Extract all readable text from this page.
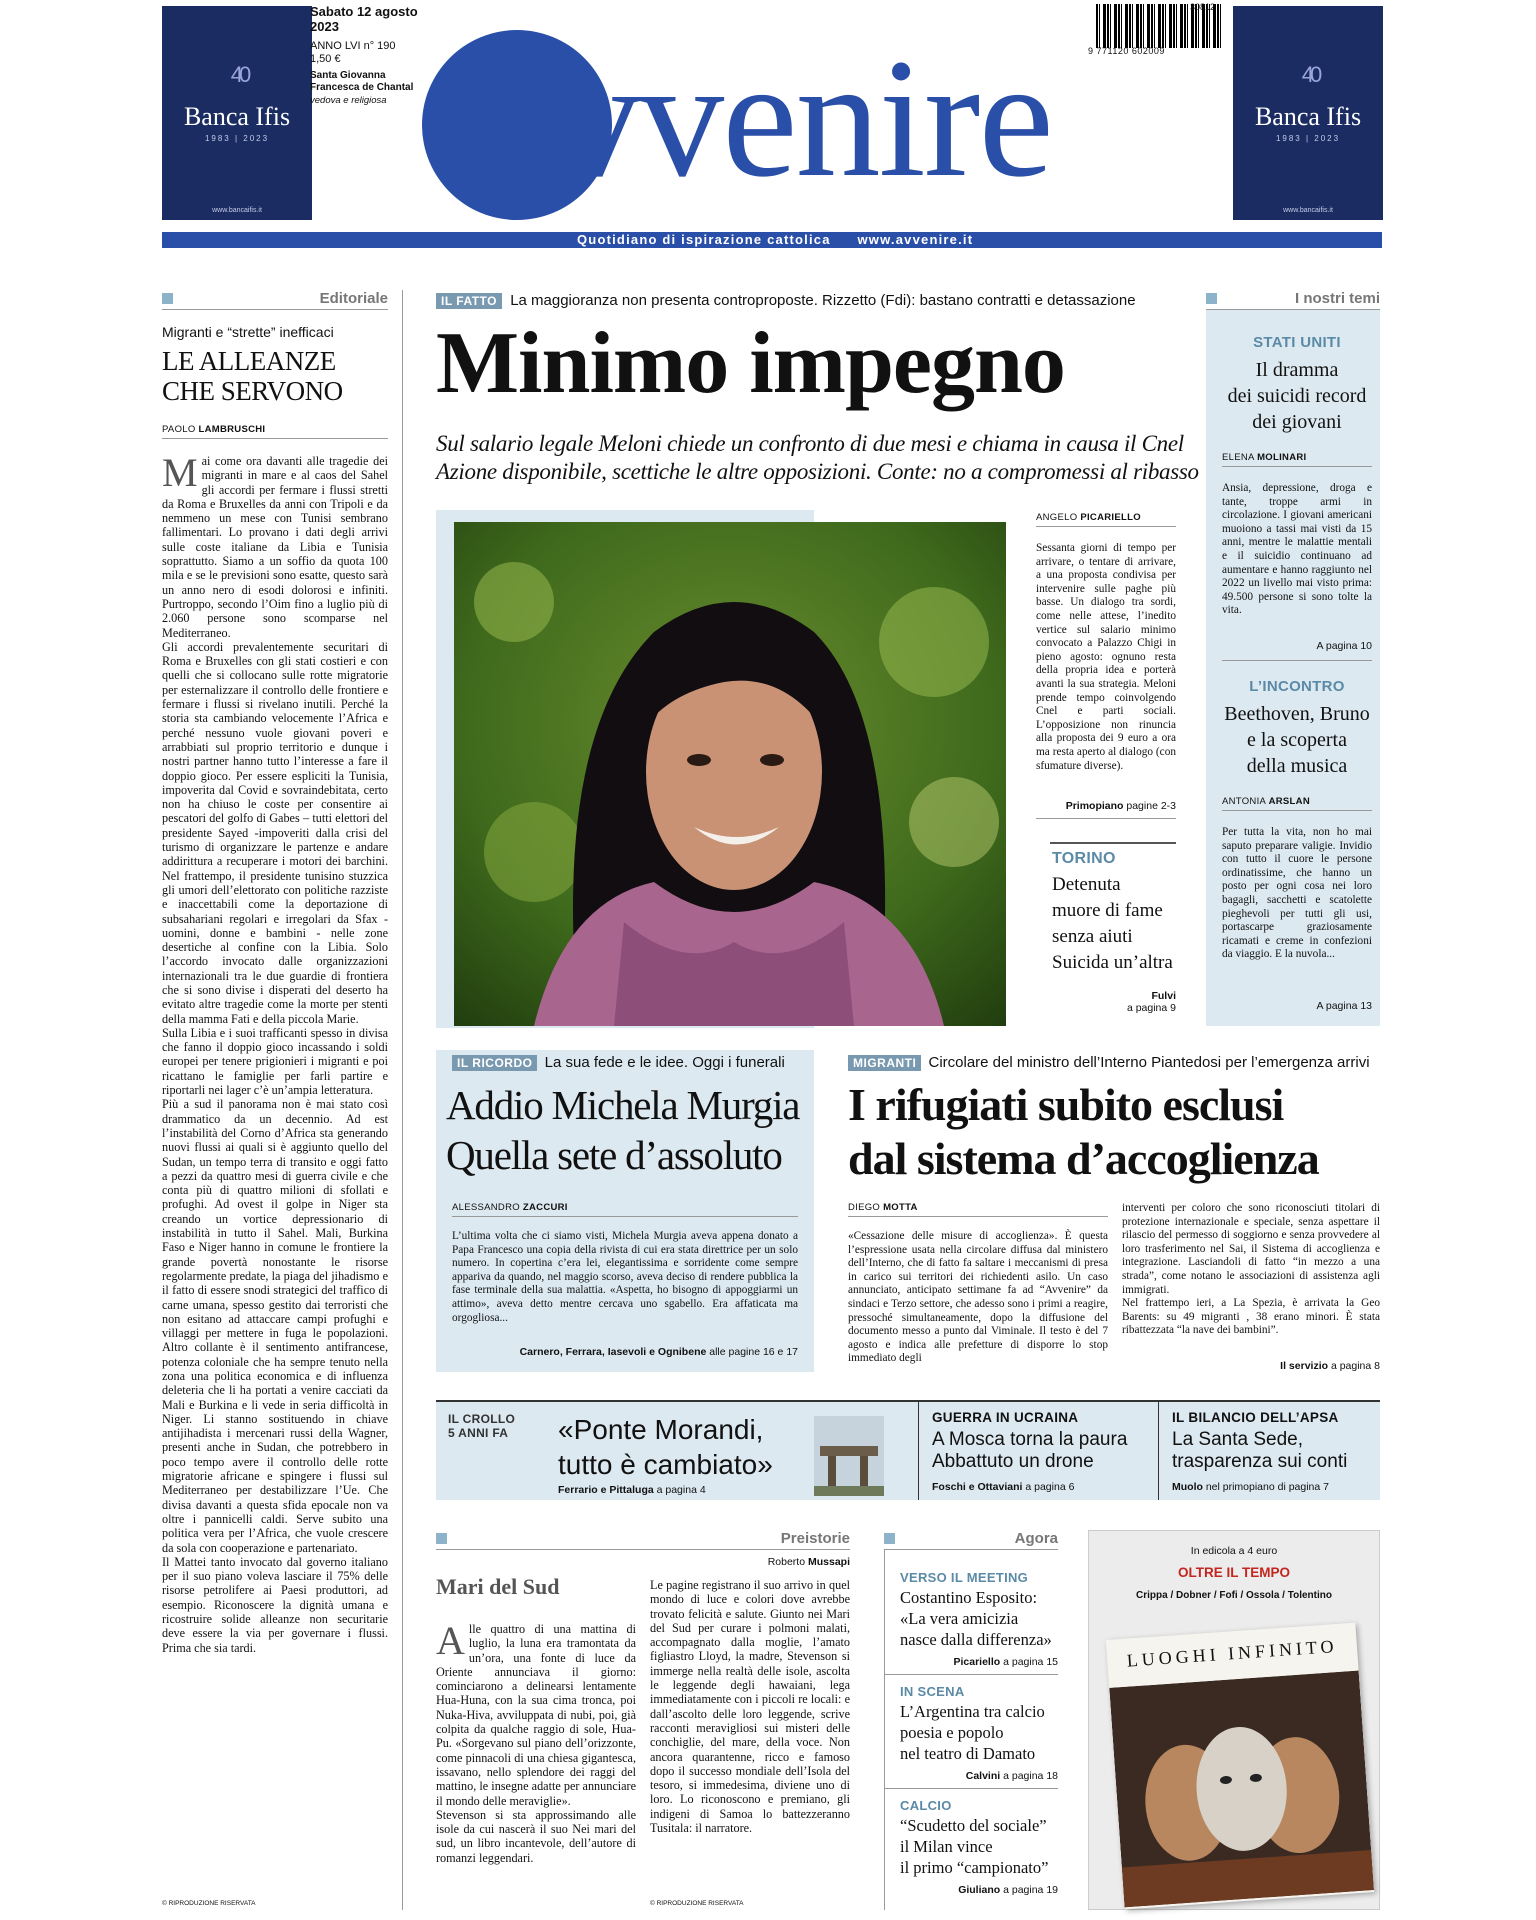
40
Banca Ifis
1983 | 2023
www.bancaifis.it
40
Banca Ifis
1983 | 2023
www.bancaifis.it
Sabato 12 agosto 2023
ANNO LVI n° 190
1,50 €
Santa Giovanna Francesca de Chantal
vedova e religiosa Avvenire
Quotidiano di ispirazione cattolica www.avvenire.it
9 771120 602009
30812
Editoriale
Migranti e “strette” inefficaci
LE ALLEANZE
CHE SERVONO
PAOLO LAMBRUSCHI
Mai come ora davanti alle tragedie dei migranti in mare e al caos del Sahel gli accordi per fermare i flussi stretti da Roma e Bruxelles da anni con Tripoli e da nemmeno un mese con Tunisi sembrano fallimentari. Lo provano i dati degli arrivi sulle coste italiane da Libia e Tunisia soprattutto. Siamo a un soffio da quota 100 mila e se le previsioni sono esatte, questo sarà un anno nero di esodi dolorosi e infiniti. Purtroppo, secondo l’Oim fino a luglio più di 2.060 persone sono scomparse nel Mediterraneo.
Gli accordi prevalentemente securitari di Roma e Bruxelles con gli stati costieri e con quelli che si collocano sulle rotte migratorie per esternalizzare il controllo delle frontiere e fermare i flussi si rivelano inutili. Perché la storia sta cambiando velocemente l’Africa e perché nessuno vuole giovani poveri e arrabbiati sul proprio territorio e dunque i nostri partner hanno tutto l’interesse a fare il doppio gioco. Per essere espliciti la Tunisia, impoverita dal Covid e sovraindebitata, certo non ha chiuso le coste per consentire ai pescatori del golfo di Gabes – tutti elettori del presidente Sayed -impoveriti dalla crisi del turismo di organizzare le partenze e andare addirittura a recuperare i motori dei barchini. Nel frattempo, il presidente tunisino stuzzica gli umori dell’elettorato con politiche razziste e inaccettabili come la deportazione di subsahariani regolari e irregolari da Sfax - uomini, donne e bambini - nelle zone desertiche al confine con la Libia. Solo l’accordo invocato dalle organizzazioni internazionali tra le due guardie di frontiera che si sono divise i disperati del deserto ha evitato altre tragedie come la morte per stenti della mamma Fati e della piccola Marie.
Sulla Libia e i suoi trafficanti spesso in divisa che fanno il doppio gioco incassando i soldi europei per tenere prigionieri i migranti e poi ricattano le famiglie per farli partire e riportarli nei lager c’è un’ampia letteratura.
Più a sud il panorama non è mai stato così drammatico da un decennio. Ad est l’instabilità del Corno d’Africa sta generando nuovi flussi ai quali si è aggiunto quello del Sudan, un tempo terra di transito e oggi fatto a pezzi da quattro mesi di guerra civile e che conta più di quattro milioni di sfollati e profughi. Ad ovest il golpe in Niger sta creando un vortice depressionario di instabilità in tutto il Sahel. Mali, Burkina Faso e Niger hanno in comune le frontiere la grande povertà nonostante le risorse regolarmente predate, la piaga del jihadismo e il fatto di essere snodi strategici del traffico di carne umana, spesso gestito dai terroristi che non esitano ad attaccare campi profughi e villaggi per mettere in fuga le popolazioni. Altro collante è il sentimento antifrancese, potenza coloniale che ha sempre tenuto nella zona una politica economica e di influenza deleteria che li ha portati a venire cacciati da Mali e Burkina e li vede in seria difficoltà in Niger. Li stanno sostituendo in chiave antijihadista i mercenari russi della Wagner, presenti anche in Sudan, che potrebbero in poco tempo avere il controllo delle rotte migratorie africane e spingere i flussi sul Mediterraneo per destabilizzare l’Ue. Che divisa davanti a questa sfida epocale non va oltre i pannicelli caldi. Serve subito una politica vera per l’Africa, che vuole crescere da sola con cooperazione e partenariato.
Il Mattei tanto invocato dal governo italiano per il suo piano voleva lasciare il 75% delle risorse petrolifere ai Paesi produttori, ad esempio. Riconoscere la dignità umana e ricostruire solide alleanze non securitarie deve essere la via per governare i flussi. Prima che sia tardi.
© RIPRODUZIONE RISERVATA
IL FATTO La maggioranza non presenta controproposte. Rizzetto (Fdi): bastano contratti e detassazione
Minimo impegno
Sul salario legale Meloni chiede un confronto di due mesi e chiama in causa il Cnel
Azione disponibile, scettiche le altre opposizioni. Conte: no a compromessi al ribasso
ANGELO PICARIELLO
Sessanta giorni di tempo per arrivare, o tentare di arrivare, a una proposta condivisa per intervenire sulle paghe più basse. Un dialogo tra sordi, come nelle attese, l’inedito vertice sul salario minimo convocato a Palazzo Chigi in pieno agosto: ognuno resta della propria idea e porterà avanti la sua strategia. Meloni prende tempo coinvolgendo Cnel e parti sociali. L’opposizione non rinuncia alla proposta dei 9 euro a ora ma resta aperto al dialogo (con sfumature diverse).
Primopiano pagine 2-3
TORINO
Detenuta
muore di fame
senza aiuti
Suicida un’altra
Fulvi
a pagina 9
I nostri temi
STATI UNITI
Il dramma
dei suicidi record
dei giovani
ELENA MOLINARI
Ansia, depressione, droga e tante, troppe armi in circolazione. I giovani americani muoiono a tassi mai visti da 15 anni, mentre le malattie mentali e il suicidio continuano ad aumentare e hanno raggiunto nel 2022 un livello mai visto prima: 49.500 persone si sono tolte la vita.
A pagina 10
L’INCONTRO
Beethoven, Bruno
e la scoperta
della musica
ANTONIA ARSLAN
Per tutta la vita, non ho mai saputo preparare valigie. Invidio con tutto il cuore le persone ordinatissime, che hanno un posto per ogni cosa nei loro bagagli, sacchetti e scatolette pieghevoli per tutti gli usi, portascarpe graziosamente ricamati e creme in confezioni da viaggio. E la nuvola...
A pagina 13
IL RICORDO La sua fede e le idee. Oggi i funerali
Addio Michela Murgia
Quella sete d’assoluto
ALESSANDRO ZACCURI
L’ultima volta che ci siamo visti, Michela Murgia aveva appena donato a Papa Francesco una copia della rivista di cui era stata direttrice per un solo numero. In copertina c’era lei, elegantissima e sorridente come sempre appariva da quando, nel maggio scorso, aveva deciso di rendere pubblica la fase terminale della sua malattia. «Aspetta, ho bisogno di appoggiarmi un attimo», aveva detto mentre cercava uno sgabello. Era affaticata ma orgogliosa...
Carnero, Ferrara, Iasevoli e Ognibene alle pagine 16 e 17
MIGRANTI Circolare del ministro dell’Interno Piantedosi per l’emergenza arrivi
I rifugiati subito esclusi
dal sistema d’accoglienza
DIEGO MOTTA
«Cessazione delle misure di accoglienza». È questa l’espressione usata nella circolare diffusa dal ministero dell’Interno, che di fatto fa saltare i meccanismi di presa in carico sui territori dei richiedenti asilo. Un caso annunciato, anticipato settimane fa ad “Avvenire” da sindaci e Terzo settore, che adesso sono i primi a reagire, pressoché simultaneamente, dopo la diffusione del documento messo a punto dal Viminale. Il testo è del 7 agosto e indica alle prefetture di disporre lo stop immediato degli
interventi per coloro che sono riconosciuti titolari di protezione internazionale e speciale, senza aspettare il rilascio del permesso di soggiorno e senza provvedere al loro trasferimento nel Sai, il Sistema di accoglienza e integrazione. Lasciandoli di fatto “in mezzo a una strada”, come notano le associazioni di assistenza agli immigrati.
Nel frattempo ieri, a La Spezia, è arrivata la Geo Barents: su 49 migranti , 38 erano minori. È stata ribattezzata “la nave dei bambini”.
Il servizio a pagina 8
IL CROLLO
5 ANNI FA «Ponte Morandi,
tutto è cambiato»
Ferrario e Pittaluga a pagina 4
GUERRA IN UCRAINA
A Mosca torna la paura
Abbattuto un drone
Foschi e Ottaviani a pagina 6
IL BILANCIO DELL’APSA
La Santa Sede,
trasparenza sui conti
Muolo nel primopiano di pagina 7
Preistorie
Roberto Mussapi
Mari del Sud
Alle quattro di una mattina di luglio, la luna era tramontata da un’ora, una fonte di luce da Oriente annunciava il giorno: cominciarono a delinearsi lentamente Hua-Huna, con la sua cima tronca, poi Nuka-Hiva, avviluppata di nubi, poi, già colpita da qualche raggio di sole, Hua-Pu. «Sorgevano sul piano dell’orizzonte, come pinnacoli di una chiesa gigantesca, issavano, nello splendore dei raggi del mattino, le insegne adatte per annunciare il mondo delle meraviglie».
Stevenson si sta approssimando alle isole da cui nascerà il suo Nei mari del sud, un libro incantevole, dell’autore di romanzi leggendari.
Le pagine registrano il suo arrivo in quel mondo di luce e colori dove avrebbe trovato felicità e salute. Giunto nei Mari del Sud per curare i polmoni malati, accompagnato dalla moglie, l’amato figliastro Lloyd, la madre, Stevenson si immerge nella realtà delle isole, ascolta le leggende degli hawaiani, lega immediatamente con i piccoli re locali: e dall’ascolto delle loro leggende, scrive racconti meravigliosi sui misteri delle conchiglie, del mare, della voce. Non ancora quarantenne, ricco e famoso dopo il successo mondiale dell’Isola del tesoro, si immedesima, diviene uno di loro. Lo riconoscono e premiano, gli indigeni di Samoa lo battezzeranno Tusitala: il narratore.
© RIPRODUZIONE RISERVATA
Agora
VERSO IL MEETING
Costantino Esposito:
«La vera amicizia
nasce dalla differenza»
Picariello a pagina 15
IN SCENA
L’Argentina tra calcio
poesia e popolo
nel teatro di Damato
Calvini a pagina 18
CALCIO
“Scudetto del sociale”
il Milan vince
il primo “campionato”
Giuliano a pagina 19
In edicola a 4 euro
OLTRE IL TEMPO
Crippa / Dobner / Fofi / Ossola / Tolentino
LUOGHI INFINITO
